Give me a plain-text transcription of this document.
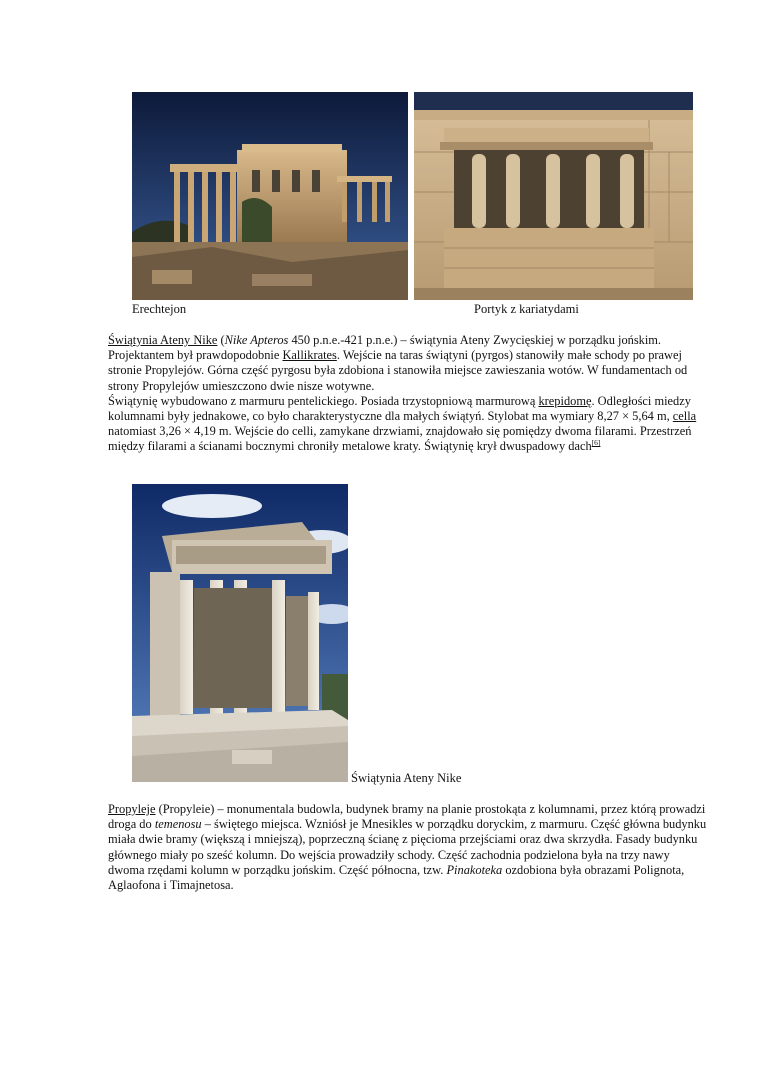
Erechtejon	Portyk z kariatydami

Świątynia Ateny Nike (Nike Apteros 450 p.n.e.-421 p.n.e.) – świątynia Ateny Zwycięskiej w porządku jońskim. Projektantem był prawdopodobnie Kallikrates. Wejście na taras świątyni (pyrgos) stanowiły małe schody po prawej stronie Propylejów. Górna część pyrgosu była zdobiona i stanowiła miejsce zawieszania wotów. W fundamentach od strony Propylejów umieszczono dwie nisze wotywne.

Świątynię wybudowano z marmuru pentelickiego. Posiada trzystopniową marmurową krepidomę. Odległości miedzy kolumnami były jednakowe, co było charakterystyczne dla małych świątyń. Stylobat ma wymiary 8,27 × 5,64 m, cella natomiast 3,26 × 4,19 m. Wejście do celli, zamykane drzwiami, znajdowało się pomiędzy dwoma filarami. Przestrzeń między filarami a ścianami bocznymi chroniły metalowe kraty. Świątynię krył dwuspadowy dach[6]

Świątynia Ateny Nike

Propyleje (Propyleie) – monumentala budowla, budynek bramy na planie prostokąta z kolumnami, przez którą prowadzi droga do temenosu – świętego miejsca. Wzniósł je Mnesikles w porządku doryckim, z marmuru. Część główna budynku miała dwie bramy (większą i mniejszą), poprzeczną ścianę z pięcioma przejściami oraz dwa skrzydła. Fasady budynku głównego miały po sześć kolumn. Do wejścia prowadziły schody. Część zachodnia podzielona była na trzy nawy dwoma rzędami kolumn w porządku jońskim. Część północna, tzw. Pinakoteka ozdobiona była obrazami Polignota, Aglaofona i Timajnetosa.
